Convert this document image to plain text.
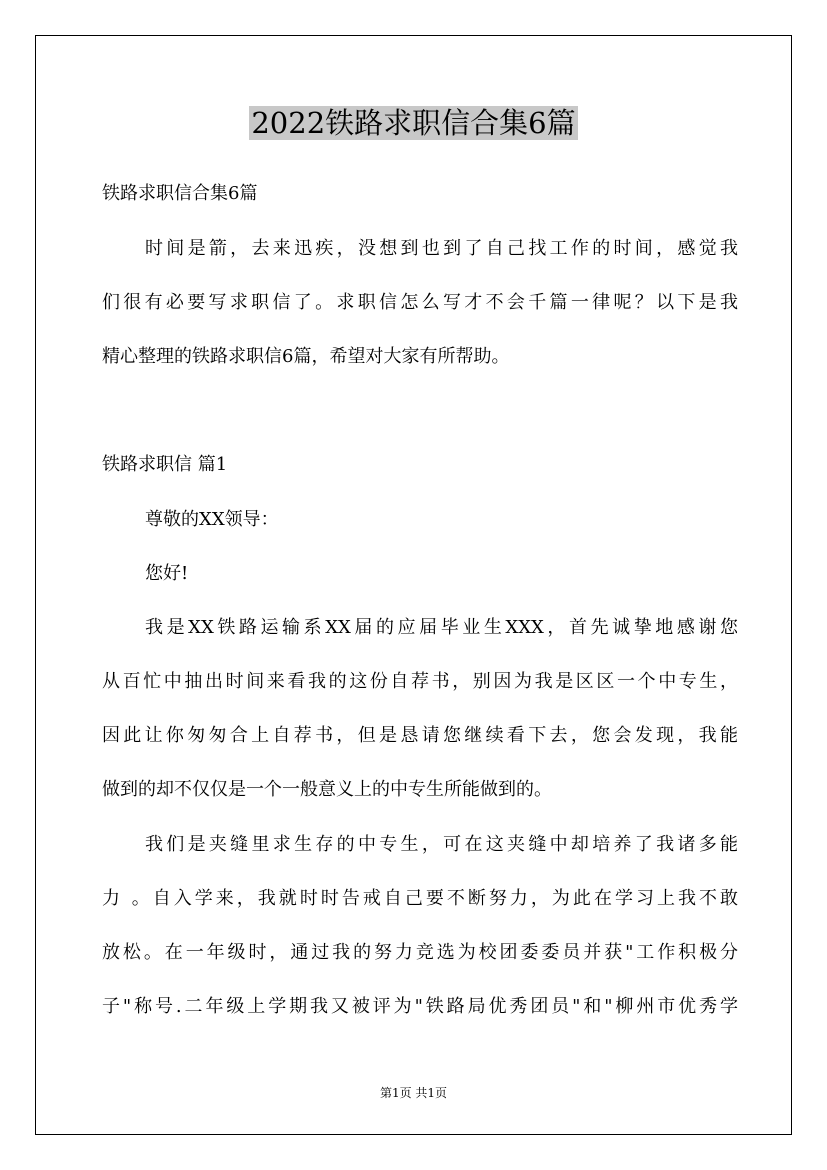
2022铁路求职信合集6篇
铁路求职信合集6篇
时间是箭，去来迅疾，没想到也到了自己找工作的时间，感觉我
们很有必要写求职信了。求职信怎么写才不会千篇一律呢？以下是我
精心整理的铁路求职信6篇，希望对大家有所帮助。
铁路求职信 篇1
尊敬的XX领导：
您好!
我是XX铁路运输系XX届的应届毕业生XXX，首先诚挚地感谢您
从百忙中抽出时间来看我的这份自荐书，别因为我是区区一个中专生，
因此让你匆匆合上自荐书，但是恳请您继续看下去，您会发现，我能
做到的却不仅仅是一个一般意义上的中专生所能做到的。
我们是夹缝里求生存的中专生，可在这夹缝中却培养了我诸多能
力 。自入学来，我就时时告戒自己要不断努力，为此在学习上我不敢
放松。在一年级时，通过我的努力竞选为校团委委员并获"工作积极分
子"称号.二年级上学期我又被评为"铁路局优秀团员"和"柳州市优秀学
第1页 共1页
